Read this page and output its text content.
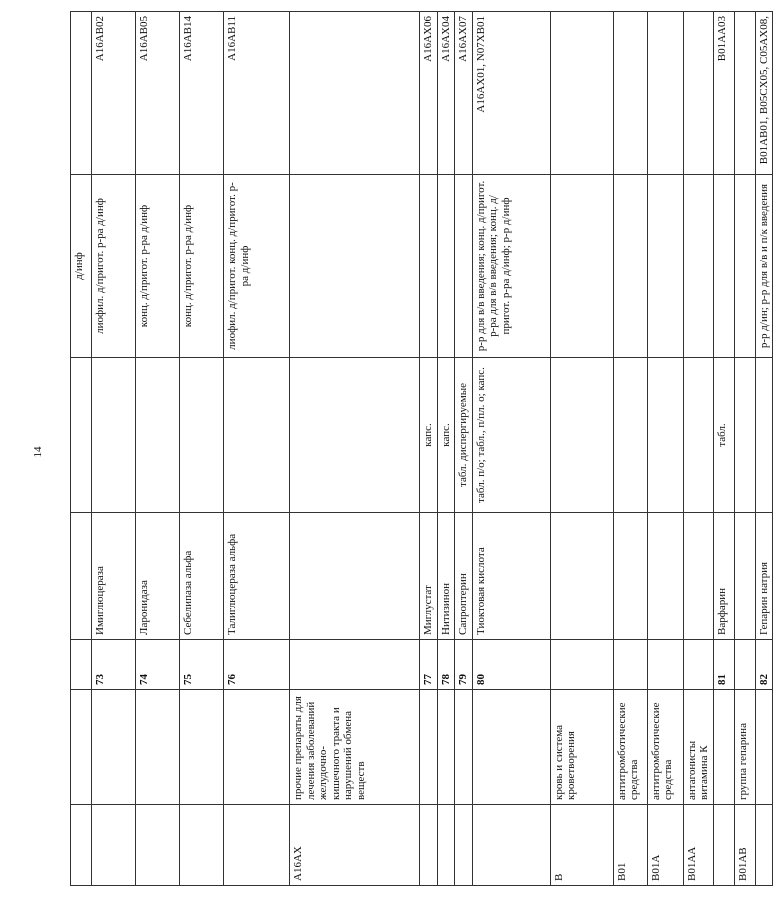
14
					д/инф	
		73	Имиглюцераза		лиофил. д/пригот. р-ра д/инф	A16AB02
		74	Ларонидаза		конц. д/пригот. р-ра д/инф	A16AB05
		75	Себелипаза альфа		конц. д/пригот. р-ра д/инф	A16AB14
		76	Талиглюцераза альфа		лиофил. д/пригот. конц. д/пригот. р-ра д/инф	A16AB11
A16AX	прочие препараты для лечения заболеваний желудочно- кишечного тракта и нарушений обмена веществ					
		77	Миглустат	капс.		A16AX06
		78	Нитизинон	капс.		A16AX04
		79	Сапроптерин	табл. диспергируемые		A16AX07
		80	Тиоктовая кислота	табл. п/о; табл., п/пл. о; капс.	р-р для в/в введения; конц. д/пригот. р-ра для в/в введения; конц. д/пригот. р-ра д/инф; р-р д/инф	A16AX01, N07XB01
B	кровь и система кроветворения					
B01	антитромботические средства					
B01A	антитромботические средства					
B01AA	антагонисты витамина К					
		81	Варфарин	табл.		B01AA03
B01AB	группа гепарина					
		82	Гепарин натрия		р-р д/ин; р-р для в/в и п/к введения	B01AB01, B05CX05, C05AX08,
